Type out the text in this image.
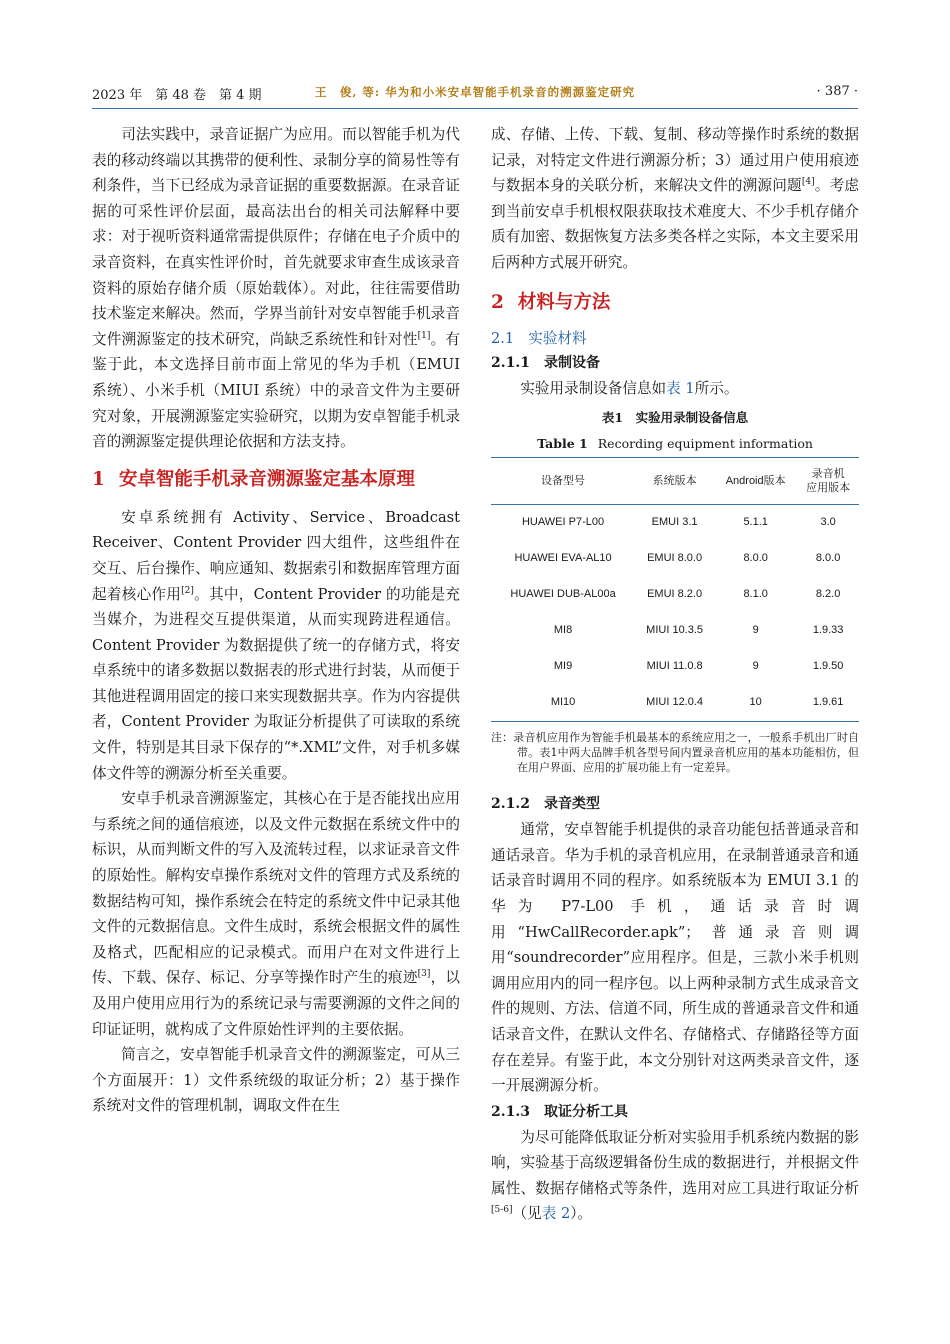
2023 年　第 48 卷　第 4 期	王　俊, 等: 华为和小米安卓智能手机录音的溯源鉴定研究	· 387 ·

司法实践中，录音证据广为应用。而以智能手机为代表的移动终端以其携带的便利性、录制分享的简易性等有利条件，当下已经成为录音证据的重要数据源。在录音证据的可采性评价层面，最高法出台的相关司法解释中要求：对于视听资料通常需提供原件；存储在电子介质中的录音资料，在真实性评价时，首先就要求审查生成该录音资料的原始存储介质（原始载体）。对此，往往需要借助技术鉴定来解决。然而，学界当前针对安卓智能手机录音文件溯源鉴定的技术研究，尚缺乏系统性和针对性[1]。有鉴于此，本文选择目前市面上常见的华为手机（EMUI 系统）、小米手机（MIUI 系统）中的录音文件为主要研究对象，开展溯源鉴定实验研究，以期为安卓智能手机录音的溯源鉴定提供理论依据和方法支持。

1 安卓智能手机录音溯源鉴定基本原理

安卓系统拥有 Activity、Service、Broadcast Receiver、Content Provider 四大组件，这些组件在交互、后台操作、响应通知、数据索引和数据库管理方面起着核心作用[2]。其中，Content Provider 的功能是充当媒介，为进程交互提供渠道，从而实现跨进程通信。Content Provider 为数据提供了统一的存储方式，将安卓系统中的诸多数据以数据表的形式进行封装，从而便于其他进程调用固定的接口来实现数据共享。作为内容提供者，Content Provider 为取证分析提供了可读取的系统文件，特别是其目录下保存的“*.XML”文件，对手机多媒体文件等的溯源分析至关重要。

安卓手机录音溯源鉴定，其核心在于是否能找出应用与系统之间的通信痕迹，以及文件元数据在系统文件中的标识，从而判断文件的写入及流转过程，以求证录音文件的原始性。解构安卓操作系统对文件的管理方式及系统的数据结构可知，操作系统会在特定的系统文件中记录其他文件的元数据信息。文件生成时，系统会根据文件的属性及格式，匹配相应的记录模式。而用户在对文件进行上传、下载、保存、标记、分享等操作时产生的痕迹[3]，以及用户使用应用行为的系统记录与需要溯源的文件之间的印证证明，就构成了文件原始性评判的主要依据。

简言之，安卓智能手机录音文件的溯源鉴定，可从三个方面展开：1）文件系统级的取证分析；2）基于操作系统对文件的管理机制，调取文件在生

成、存储、上传、下载、复制、移动等操作时系统的数据记录，对特定文件进行溯源分析；3）通过用户使用痕迹与数据本身的关联分析，来解决文件的溯源问题[4]。考虑到当前安卓手机根权限获取技术难度大、不少手机存储介质有加密、数据恢复方法多类各样之实际，本文主要采用后两种方式展开研究。

2 材料与方法
2.1 实验材料
2.1.1 录制设备

实验用录制设备信息如表 1所示。

表1　实验用录制设备信息
Table 1 Recording equipment information
设备型号	系统版本	Android版本	录音机
应用版本
HUAWEI P7-L00	EMUI 3.1	5.1.1	3.0
HUAWEI EVA-AL10	EMUI 8.0.0	8.0.0	8.0.0
HUAWEI DUB-AL00a	EMUI 8.2.0	8.1.0	8.2.0
MI8	MIUI 10.3.5	9	1.9.33
MI9	MIUI 11.0.8	9	1.9.50
MI10	MIUI 12.0.4	10	1.9.61
注：录音机应用作为智能手机最基本的系统应用之一，一般系手机出厂时自带。表1中两大品牌手机各型号间内置录音机应用的基本功能相仿，但在用户界面、应用的扩展功能上有一定差异。
2.1.2 录音类型

通常，安卓智能手机提供的录音功能包括普通录音和通话录音。华为手机的录音机应用，在录制普通录音和通话录音时调用不同的程序。如系统版本为 EMUI 3.1 的华为 P7-L00 手机，通话录音时调用“HwCallRecorder.apk”；普通录音则调用“soundrecorder”应用程序。但是，三款小米手机则调用应用内的同一程序包。以上两种录制方式生成录音文件的规则、方法、信道不同，所生成的普通录音文件和通话录音文件，在默认文件名、存储格式、存储路径等方面存在差异。有鉴于此，本文分别针对这两类录音文件，逐一开展溯源分析。

2.1.3 取证分析工具

为尽可能降低取证分析对实验用手机系统内数据的影响，实验基于高级逻辑备份生成的数据进行，并根据文件属性、数据存储格式等条件，选用对应工具进行取证分析[5-6]（见表 2）。
